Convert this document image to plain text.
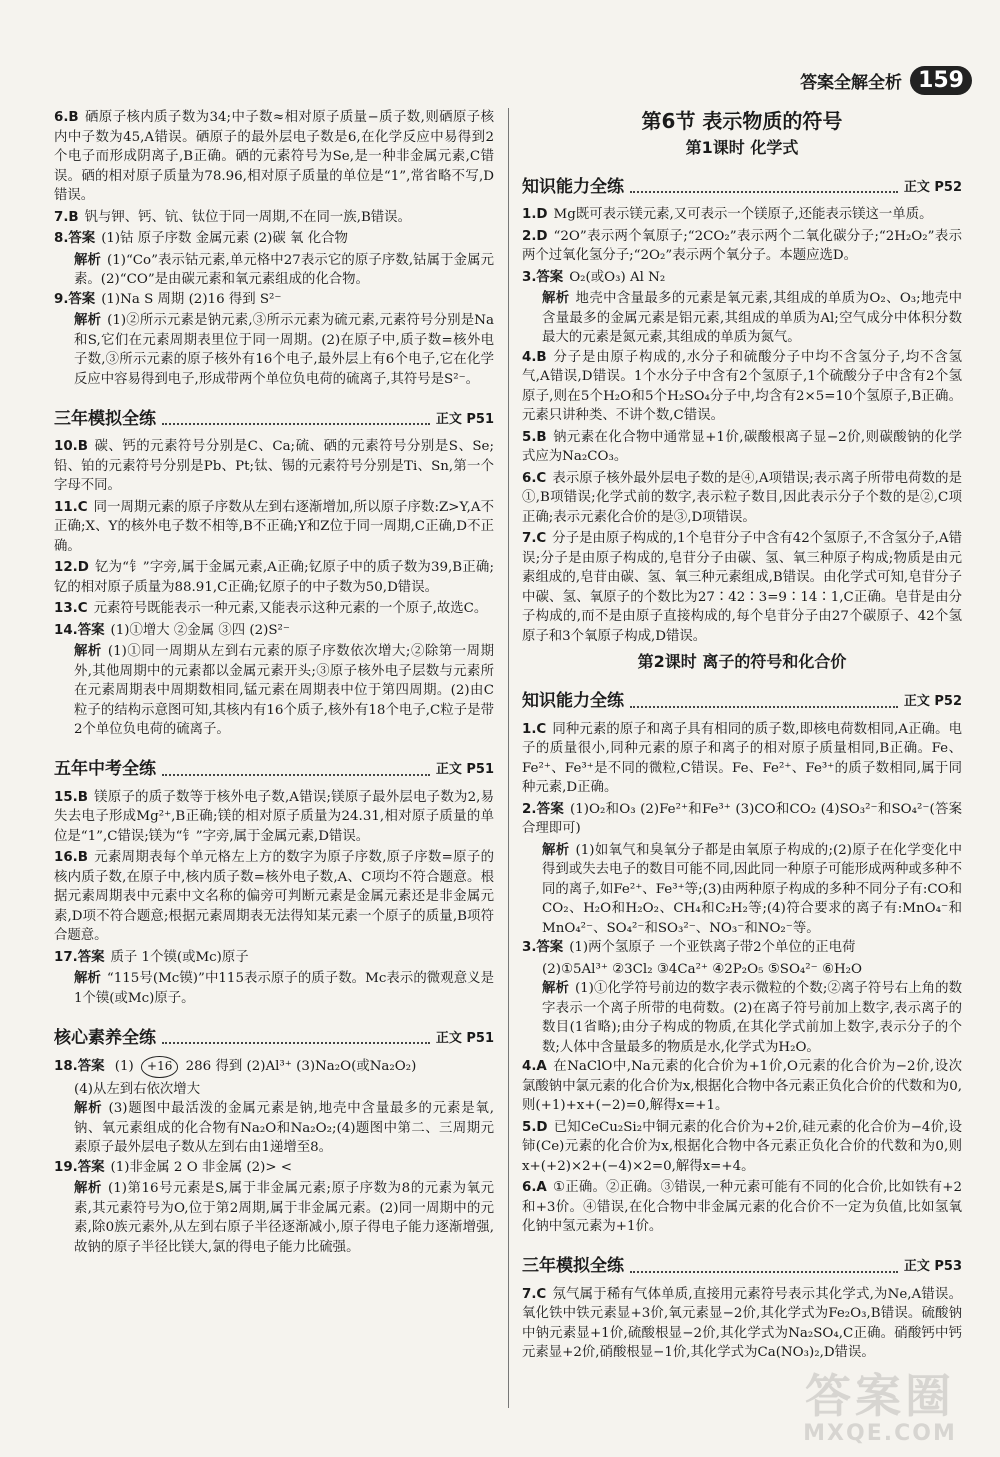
答案全解全析 159
6.B 硒原子核内质子数为34;中子数≈相对原子质量−质子数,则硒原子核内中子数为45,A错误。硒原子的最外层电子数是6,在化学反应中易得到2个电子而形成阴离子,B正确。硒的元素符号为Se,是一种非金属元素,C错误。硒的相对原子质量为78.96,相对原子质量的单位是“1”,常省略不写,D错误。
7.B 钒与钾、钙、钪、钛位于同一周期,不在同一族,B错误。
8.答案 (1)钴 原子序数 金属元素 (2)碳 氧 化合物
解析 (1)“Co”表示钴元素,单元格中27表示它的原子序数,钴属于金属元素。(2)“CO”是由碳元素和氧元素组成的化合物。
9.答案 (1)Na S 周期 (2)16 得到 S²⁻
解析 (1)②所示元素是钠元素,③所示元素为硫元素,元素符号分别是Na和S,它们在元素周期表里位于同一周期。(2)在原子中,质子数=核外电子数,③所示元素的原子核外有16个电子,最外层上有6个电子,它在化学反应中容易得到电子,形成带两个单位负电荷的硫离子,其符号是S²⁻。
三年模拟全练	正文 P51
10.B 碳、钙的元素符号分别是C、Ca;硫、硒的元素符号分别是S、Se;铅、铂的元素符号分别是Pb、Pt;钛、锡的元素符号分别是Ti、Sn,第一个字母不同。
11.C 同一周期元素的原子序数从左到右逐渐增加,所以原子序数:Z>Y,A不正确;X、Y的核外电子数不相等,B不正确;Y和Z位于同一周期,C正确,D不正确。
12.D 钇为“钅”字旁,属于金属元素,A正确;钇原子中的质子数为39,B正确;钇的相对原子质量为88.91,C正确;钇原子的中子数为50,D错误。
13.C 元素符号既能表示一种元素,又能表示这种元素的一个原子,故选C。
14.答案 (1)①增大 ②金属 ③四 (2)S²⁻
解析 (1)①同一周期从左到右元素的原子序数依次增大;②除第一周期外,其他周期中的元素都以金属元素开头;③原子核外电子层数与元素所在元素周期表中周期数相同,锰元素在周期表中位于第四周期。(2)由C粒子的结构示意图可知,其核内有16个质子,核外有18个电子,C粒子是带2个单位负电荷的硫离子。
五年中考全练	正文 P51
15.B 镁原子的质子数等于核外电子数,A错误;镁原子最外层电子数为2,易失去电子形成Mg²⁺,B正确;镁的相对原子质量为24.31,相对原子质量的单位是“1”,C错误;镁为“钅”字旁,属于金属元素,D错误。
16.B 元素周期表每个单元格左上方的数字为原子序数,原子序数=原子的核内质子数,在原子中,核内质子数=核外电子数,A、C项均不符合题意。根据元素周期表中元素中文名称的偏旁可判断元素是金属元素还是非金属元素,D项不符合题意;根据元素周期表无法得知某元素一个原子的质量,B项符合题意。
17.答案 质子 1个镆(或Mc)原子
解析 “115号(Mc镆)”中115表示原子的质子数。Mc表示的微观意义是1个镆(或Mc)原子。
核心素养全练	正文 P51
18.答案 (1) +16 286 得到 (2)Al³⁺ (3)Na₂O(或Na₂O₂)
(4)从左到右依次增大
解析 (3)题图中最活泼的金属元素是钠,地壳中含量最多的元素是氧,钠、氧元素组成的化合物有Na₂O和Na₂O₂;(4)题图中第二、三周期元素原子最外层电子数从左到右由1递增至8。
19.答案 (1)非金属 2 O 非金属 (2)> <
解析 (1)第16号元素是S,属于非金属元素;原子序数为8的元素为氧元素,其元素符号为O,位于第2周期,属于非金属元素。(2)同一周期中的元素,除0族元素外,从左到右原子半径逐渐减小,原子得电子能力逐渐增强,故钠的原子半径比镁大,氯的得电子能力比硫强。
第6节 表示物质的符号
第1课时 化学式
知识能力全练	正文 P52
1.D Mg既可表示镁元素,又可表示一个镁原子,还能表示镁这一单质。
2.D “2O”表示两个氧原子;“2CO₂”表示两个二氧化碳分子;“2H₂O₂”表示两个过氧化氢分子;“2O₂”表示两个氧分子。本题应选D。
3.答案 O₂(或O₃) Al N₂
解析 地壳中含量最多的元素是氧元素,其组成的单质为O₂、O₃;地壳中含量最多的金属元素是铝元素,其组成的单质为Al;空气成分中体积分数最大的元素是氮元素,其组成的单质为氮气。
4.B 分子是由原子构成的,水分子和硫酸分子中均不含氢分子,均不含氢气,A错误,D错误。1个水分子中含有2个氢原子,1个硫酸分子中含有2个氢原子,则在5个H₂O和5个H₂SO₄分子中,均含有2×5=10个氢原子,B正确。元素只讲种类、不讲个数,C错误。
5.B 钠元素在化合物中通常显+1价,碳酸根离子显−2价,则碳酸钠的化学式应为Na₂CO₃。
6.C 表示原子核外最外层电子数的是④,A项错误;表示离子所带电荷数的是①,B项错误;化学式前的数字,表示粒子数目,因此表示分子个数的是②,C项正确;表示元素化合价的是③,D项错误。
7.C 分子是由原子构成的,1个皂苷分子中含有42个氢原子,不含氢分子,A错误;分子是由原子构成的,皂苷分子由碳、氢、氧三种原子构成;物质是由元素组成的,皂苷由碳、氢、氧三种元素组成,B错误。由化学式可知,皂苷分子中碳、氢、氧原子的个数比为27∶42∶3=9∶14∶1,C正确。皂苷是由分子构成的,而不是由原子直接构成的,每个皂苷分子由27个碳原子、42个氢原子和3个氧原子构成,D错误。
第2课时 离子的符号和化合价
知识能力全练	正文 P52
1.C 同种元素的原子和离子具有相同的质子数,即核电荷数相同,A正确。电子的质量很小,同种元素的原子和离子的相对原子质量相同,B正确。Fe、Fe²⁺、Fe³⁺是不同的微粒,C错误。Fe、Fe²⁺、Fe³⁺的质子数相同,属于同种元素,D正确。
2.答案 (1)O₂和O₃ (2)Fe²⁺和Fe³⁺ (3)CO和CO₂ (4)SO₃²⁻和SO₄²⁻(答案合理即可)
解析 (1)如氧气和臭氧分子都是由氧原子构成的;(2)原子在化学变化中得到或失去电子的数目可能不同,因此同一种原子可能形成两种或多种不同的离子,如Fe²⁺、Fe³⁺等;(3)由两种原子构成的多种不同分子有:CO和CO₂、H₂O和H₂O₂、CH₄和C₂H₂等;(4)符合要求的离子有:MnO₄⁻和MnO₄²⁻、SO₄²⁻和SO₃²⁻、NO₃⁻和NO₂⁻等。
3.答案 (1)两个氢原子 一个亚铁离子带2个单位的正电荷
(2)①5Al³⁺ ②3Cl₂ ③4Ca²⁺ ④2P₂O₅ ⑤SO₄²⁻ ⑥H₂O
解析 (1)①化学符号前边的数字表示微粒的个数;②离子符号右上角的数字表示一个离子所带的电荷数。(2)在离子符号前加上数字,表示离子的数目(1省略);由分子构成的物质,在其化学式前加上数字,表示分子的个数;人体中含量最多的物质是水,化学式为H₂O。
4.A 在NaClO中,Na元素的化合价为+1价,O元素的化合价为−2价,设次氯酸钠中氯元素的化合价为x,根据化合物中各元素正负化合价的代数和为0,则(+1)+x+(−2)=0,解得x=+1。
5.D 已知CeCu₂Si₂中铜元素的化合价为+2价,硅元素的化合价为−4价,设铈(Ce)元素的化合价为x,根据化合物中各元素正负化合价的代数和为0,则x+(+2)×2+(−4)×2=0,解得x=+4。
6.A ①正确。②正确。③错误,一种元素可能有不同的化合价,比如铁有+2和+3价。④错误,在化合物中非金属元素的化合价不一定为负值,比如氢氧化钠中氢元素为+1价。
三年模拟全练	正文 P53
7.C 氖气属于稀有气体单质,直接用元素符号表示其化学式,为Ne,A错误。氧化铁中铁元素显+3价,氧元素显−2价,其化学式为Fe₂O₃,B错误。硫酸钠中钠元素显+1价,硫酸根显−2价,其化学式为Na₂SO₄,C正确。硝酸钙中钙元素显+2价,硝酸根显−1价,其化学式为Ca(NO₃)₂,D错误。
答案圈
MXQE.COM
